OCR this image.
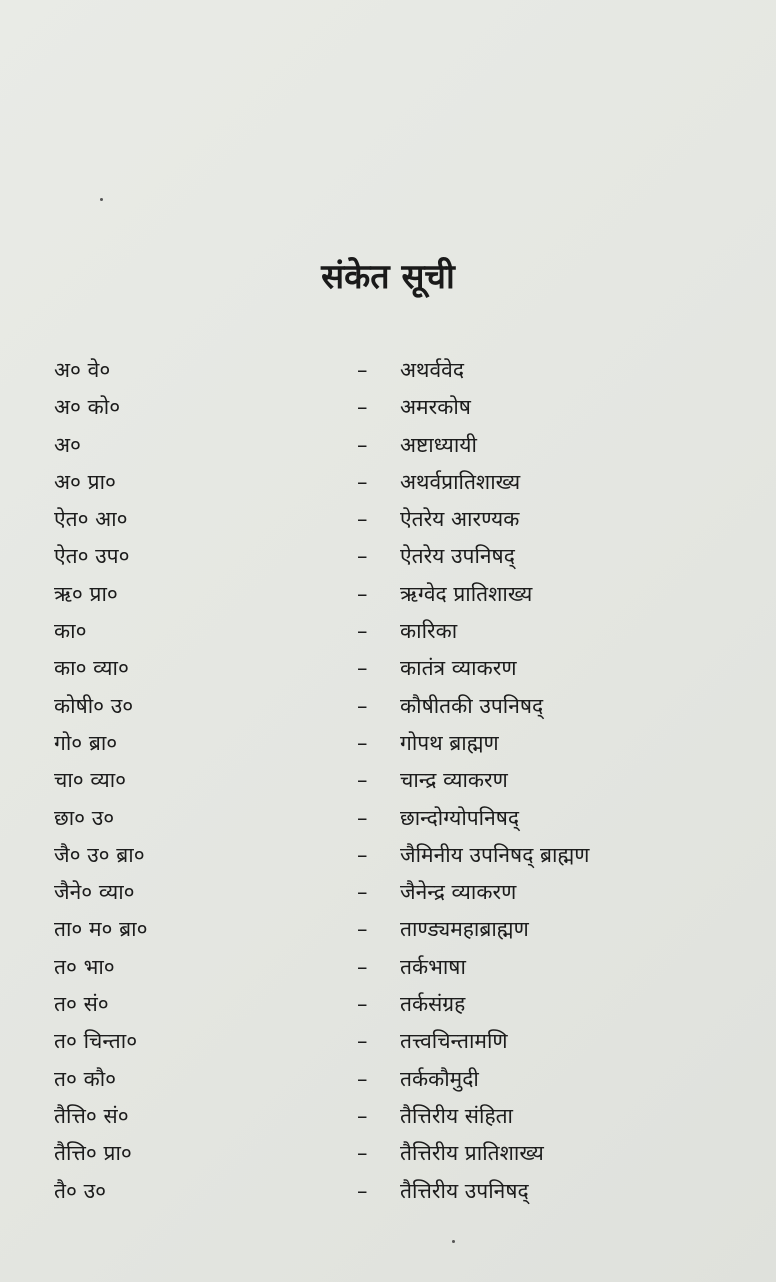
संकेत सूची
अ० वे०	– अथर्ववेद
अ० को०	– अमरकोष
अ०	– अष्टाध्यायी
अ० प्रा०	– अथर्वप्रातिशाख्य
ऐत० आ०	– ऐतरेय आरण्यक
ऐत० उप०	– ऐतरेय उपनिषद्
ऋ० प्रा०	– ऋग्वेद प्रातिशाख्य
का०	– कारिका
का० व्या०	– कातंत्र व्याकरण
कोषी० उ०	– कौषीतकी उपनिषद्
गो० ब्रा०	– गोपथ ब्राह्मण
चा० व्या०	– चान्द्र व्याकरण
छा० उ०	– छान्दोग्योपनिषद्
जै० उ० ब्रा०	– जैमिनीय उपनिषद् ब्राह्मण
जैने० व्या०	– जैनेन्द्र व्याकरण
ता० म० ब्रा०	– ताण्ड्यमहाब्राह्मण
त० भा०	– तर्कभाषा
त० सं०	– तर्कसंग्रह
त० चिन्ता०	– तत्त्वचिन्तामणि
त० कौ०	– तर्ककौमुदी
तैत्ति० सं०	– तैत्तिरीय संहिता
तैत्ति० प्रा०	– तैत्तिरीय प्रातिशाख्य
तै० उ०	– तैत्तिरीय उपनिषद्
